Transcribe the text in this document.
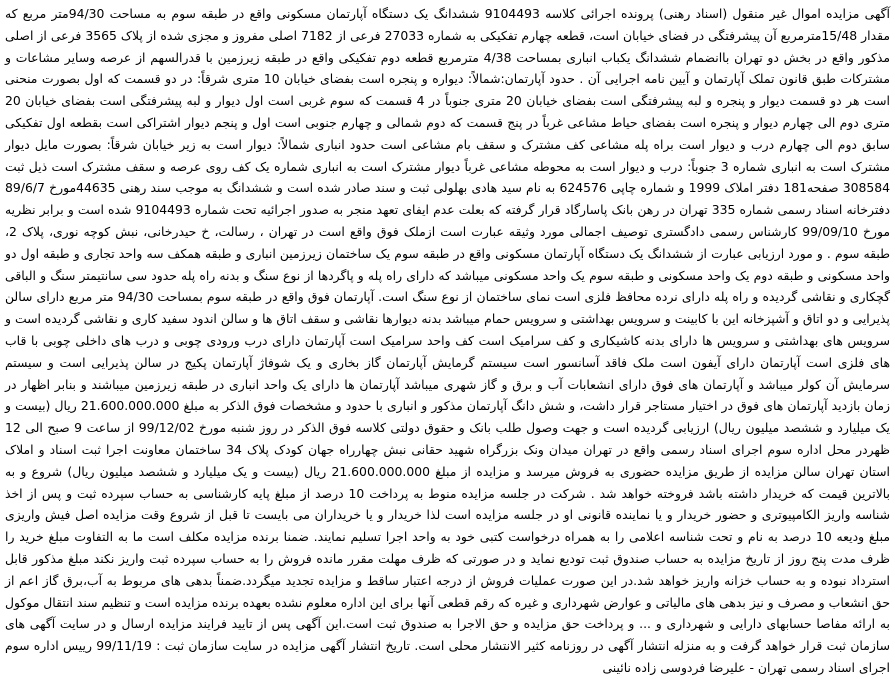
آگهی مزایده اموال غیر منقول (اسناد رهنی) پرونده اجرائی کلاسه 9104493 ششدانگ یک دستگاه آپارتمان مسکونی واقع در طبقه سوم به مساحت 94/30متر مربع که مقدار 15/48مترمربع آن پیشرفتگی در فضای خیابان است، قطعه چهارم تفکیکی به شماره 27033 فرعی از 7182 اصلی مفروز و مجزی شده از پلاک 3565 فرعی از اصلی مذکور واقع در بخش دو تهران باانضمام ششدانگ یکباب انباری بمساحت 4/38 مترمربع قطعه دوم تفکیکی واقع در طبقه زیرزمین با قدرالسهم از عرصه وسایر مشاعات و مشترکات طبق قانون تملک آپارتمان و آیین نامه اجرایی آن . حدود آپارتمان:شمالاً: دیواره و پنجره است بفضای خیابان 10 متری شرقاً: در دو قسمت که اول بصورت منحنی است هر دو قسمت دیوار و پنجره و لبه پیشرفتگی است بفضای خیابان 20 متری جنوباً در 4 قسمت که سوم غربی است اول دیوار و لبه پیشرفتگی است بفضای خیابان 20 متری دوم الی چهارم دیوار و پنجره است بفضای حیاط مشاعی غرباً در پنج قسمت که دوم شمالی و چهارم جنوبی است اول و پنجم دیوار اشتراکی است بقطعه اول تفکیکی سابق دوم الی چهارم درب و دیوار است براه پله مشاعی کف مشترک و سقف بام مشاعی است حدود انباری شمالاً: دیوار است به زیر خیابان شرقاً: بصورت مایل دیوار مشترک است به انباری شماره 3 جنوباً: درب و دیوار است به محوطه مشاعی غرباً دیوار مشترک است به انباری شماره یک کف روی عرصه و سقف مشترک است ذیل ثبت 308584 صفحه181 دفتر املاک 1999 و شماره چاپی 624576 به نام سید هادی بهلولی ثبت و سند صادر شده است و ششدانگ به موجب سند رهنی 44635مورخ 89/6/7 دفترخانه اسناد رسمی شماره 335 تهران در رهن بانک پاسارگاد قرار گرفته که بعلت عدم ایفای تعهد منجر به صدور اجرائیه تحت شماره 9104493 شده است و برابر نظریه مورخ 99/09/10 کارشناس رسمی دادگستری توصیف اجمالی مورد وثیقه عبارت است ازملک فوق واقع است در تهران ، رسالت، خ حیدرخانی، نبش کوچه نوری، پلاک 2، طبقه سوم . و مورد ارزیابی عبارت از ششدانگ یک دستگاه آپارتمان مسکونی واقع در طبقه سوم یک ساختمان زیرزمین انباری و طبقه همکف سه واحد تجاری و طبقه اول دو واحد مسکونی و طبقه دوم یک واحد مسکونی و طبقه سوم یک واحد مسکونی میباشد که دارای راه پله و پاگردها از نوع سنگ و بدنه راه پله حدود سی سانتیمتر سنگ و الباقی گچکاری و نقاشی گردیده و راه پله دارای نرده محافظ فلزی است نمای ساختمان از نوع سنگ است. آپارتمان فوق واقع در طبقه سوم بمساحت 94/30 متر مربع دارای سالن پذیرایی و دو اتاق و آشپزخانه این با کابینت و سرویس بهداشتی و سرویس حمام میباشد بدنه دیوارها نقاشی و سقف اتاق ها و سالن اندود سفید کاری و نقاشی گردیده است و سرویس های بهداشتی و سرویس ها دارای بدنه کاشیکاری و کف سرامیک است کف واحد سرامیک است آپارتمان دارای درب ورودی چوبی و درب های داخلی چوبی با قاب های فلزی است آپارتمان دارای آیفون است ملک فاقد آسانسور است سیستم گرمایش آپارتمان گاز بخاری و یک شوفاژ آپارتمان پکیج در سالن پذیرایی است و سیستم سرمایش آن کولر میباشد و آپارتمان های فوق دارای انشعابات آب و برق و گاز شهری میباشد آپارتمان ها دارای یک واحد انباری در طبقه زیرزمین میباشند و بنابر اظهار در زمان بازدید آپارتمان های فوق در اختیار مستاجر قرار داشت، و شش دانگ آپارتمان مذکور و انباری با حدود و مشخصات فوق الذکر به مبلغ 21.600.000.000 ریال (بیست و یک میلیارد و ششصد میلیون ریال) ارزیابی گردیده است و جهت وصول طلب بانک و حقوق دولتی کلاسه فوق الذکر در روز شنبه مورخ 99/12/02 از ساعت 9 صبح الی 12 ظهردر محل اداره سوم اجرای اسناد رسمی واقع در تهران میدان ونک بزرگراه شهید حقانی نبش چهارراه جهان کودک پلاک 34 ساختمان معاونت اجرا ثبت اسناد و املاک استان تهران سالن مزایده از طریق مزایده حضوری به فروش میرسد و مزایده از مبلغ 21.600.000.000 ریال (بیست و یک میلیارد و ششصد میلیون ریال) شروع و به بالاترین قیمت که خریدار داشته باشد فروخته خواهد شد . شرکت در جلسه مزایده منوط به پرداخت 10 درصد از مبلغ پایه کارشناسی به حساب سپرده ثبت و پس از اخذ شناسه واریز الکامپیوتری و حضور خریدار و یا نماینده قانونی او در جلسه مزایده است لذا خریدار و یا خریداران می بایست تا قبل از شروع وقت مزایده اصل فیش واریزی مبلغ ودیعه 10 درصد به نام و تحت شناسه اعلامی را به همراه درخواست کتبی خود به واحد اجرا تسلیم نمایند. ضمنا برنده مزایده مکلف است ما به التفاوت مبلغ خرید را ظرف مدت پنج روز از تاریخ مزایده به حساب صندوق ثبت تودیع نماید و در صورتی که ظرف مهلت مقرر مانده فروش را به حساب سپرده ثبت واریز نکند مبلغ مذکور قابل استرداد نبوده و به حساب خزانه واریز خواهد شد.در این صورت عملیات فروش از درجه اعتبار ساقط و مزایده تجدید میگردد.ضمناً بدهی های مربوط به آب،برق گاز اعم از حق انشعاب و مصرف و نیز بدهی های مالیاتی و عوارض شهرداری و غیره که رقم قطعی آنها برای این اداره معلوم نشده بعهده برنده مزایده است و تنظیم سند انتقال موکول به ارائه مفاصا حسابهای دارایی و شهرداری و ... و پرداخت حق مزایده و حق الاجرا به صندوق ثبت است.این آگهی پس از تایید فرایند مزایده ارسال و در سایت آگهی های سازمان ثبت قرار خواهد گرفت و به منزله انتشار آگهی در روزنامه کثیر الانتشار محلی است. تاریخ انتشار آگهی مزایده در سایت سازمان ثبت : 99/11/19 رییس اداره سوم اجرای اسناد رسمی تهران - علیرضا فردوسی زاده نائینی
